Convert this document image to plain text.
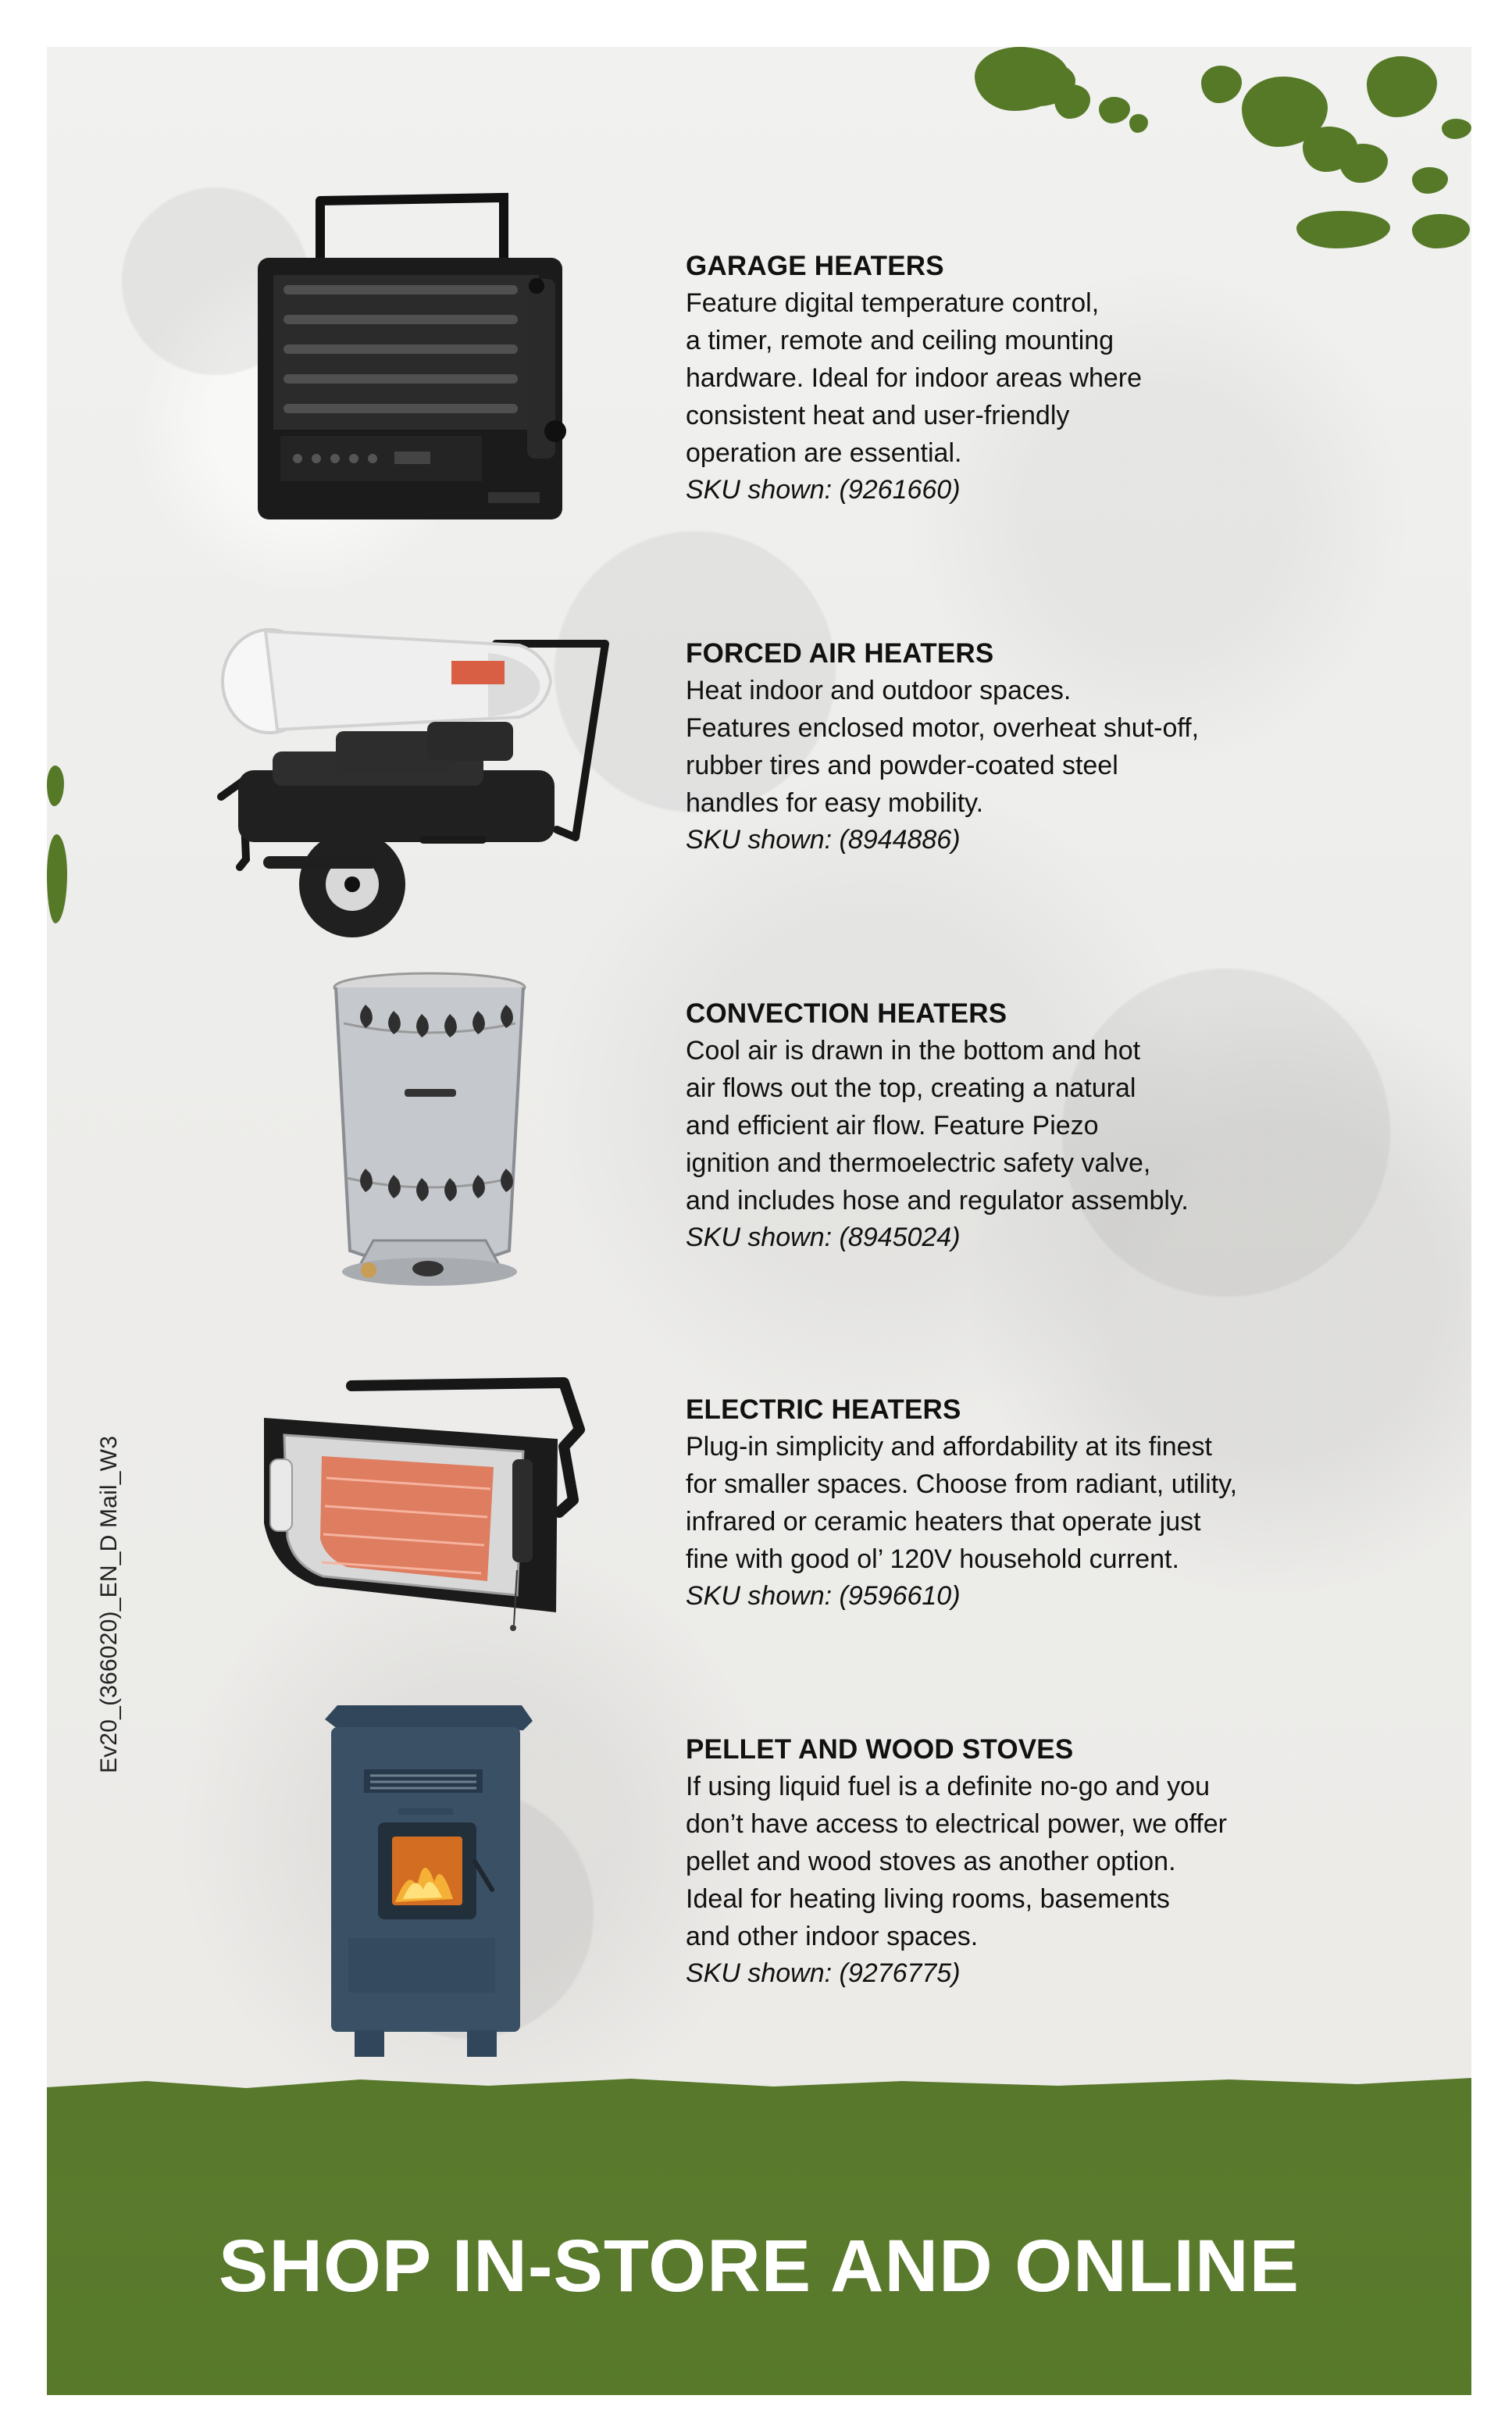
GARAGE HEATERS

Feature digital temperature control,
a timer, remote and ceiling mounting
hardware. Ideal for indoor areas where
consistent heat and user-friendly
operation are essential.

SKU shown: (9261660)

FORCED AIR HEATERS

Heat indoor and outdoor spaces.
Features enclosed motor, overheat shut-off,
rubber tires and powder-coated steel
handles for easy mobility.

SKU shown: (8944886)

CONVECTION HEATERS

Cool air is drawn in the bottom and hot
air flows out the top, creating a natural
and efficient air flow. Feature Piezo
ignition and thermoelectric safety valve,
and includes hose and regulator assembly.

SKU shown: (8945024)

ELECTRIC HEATERS

Plug-in simplicity and affordability at its finest
for smaller spaces. Choose from radiant, utility,
infrared or ceramic heaters that operate just
fine with good ol’ 120V household current.

SKU shown: (9596610)

PELLET AND WOOD STOVES

If using liquid fuel is a definite no-go and you
don’t have access to electrical power, we offer
pellet and wood stoves as another option.
Ideal for heating living rooms, basements
and other indoor spaces.

SKU shown: (9276775)

Ev20_(366020)_EN_D Mail_W3
SHOP IN-STORE AND ONLINE
